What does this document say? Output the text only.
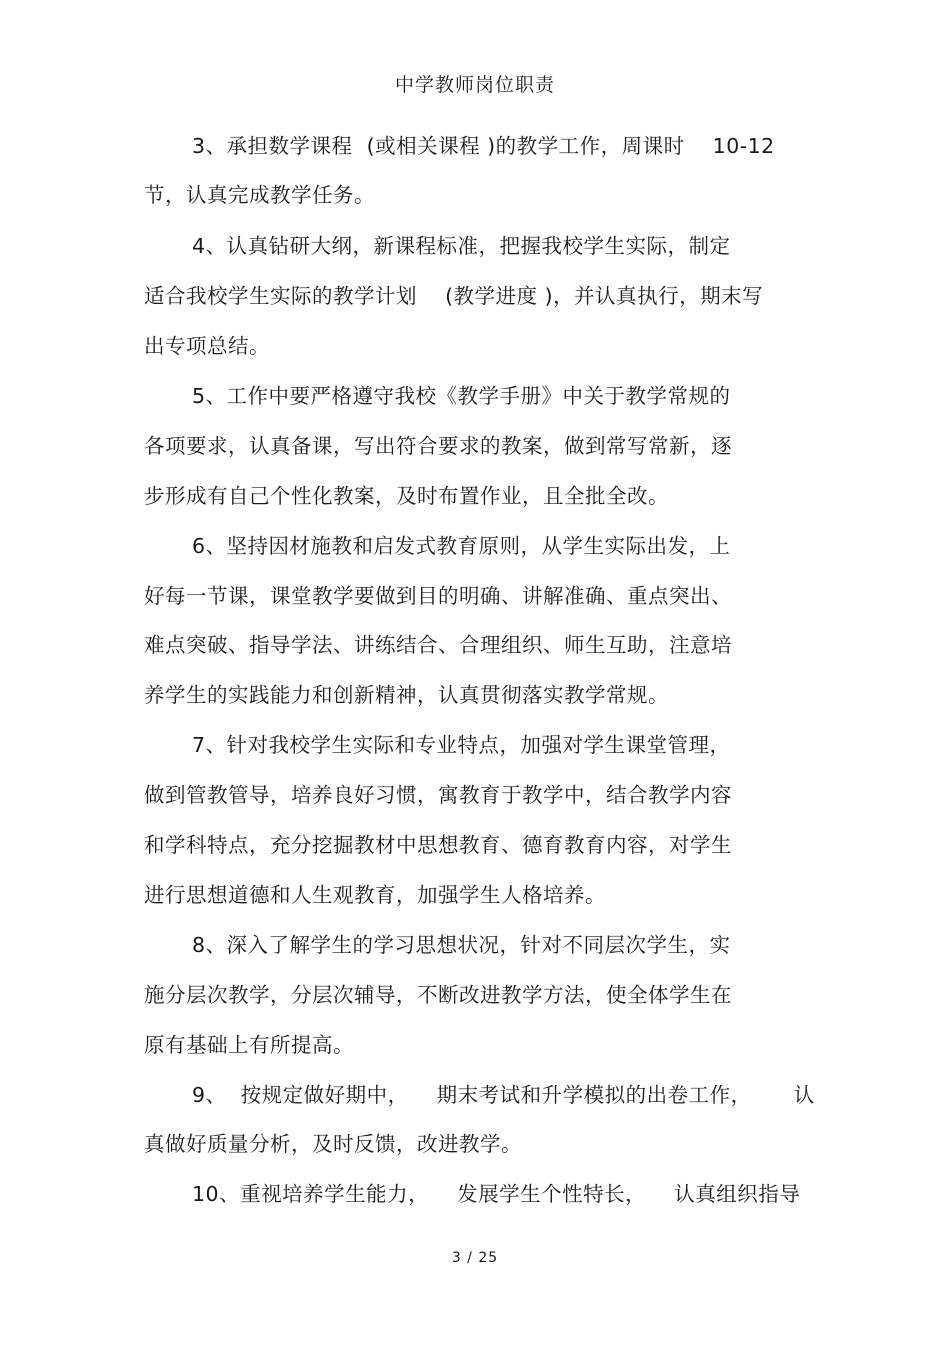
中学教师岗位职责
3、承担数学课程  (或相关课程 )的教学工作，周课时    10-12
节，认真完成教学任务。
4、认真钻研大纲，新课程标准，把握我校学生实际，制定
适合我校学生实际的教学计划    (教学进度 )，并认真执行，期末写
出专项总结。
5、工作中要严格遵守我校《教学手册》中关于教学常规的
各项要求，认真备课，写出符合要求的教案，做到常写常新，逐
步形成有自己个性化教案，及时布置作业，且全批全改。
6、坚持因材施教和启发式教育原则，从学生实际出发，上
好每一节课，课堂教学要做到目的明确、讲解准确、重点突出、
难点突破、指导学法、讲练结合、合理组织、师生互助，注意培
养学生的实践能力和创新精神，认真贯彻落实教学常规。
7、针对我校学生实际和专业特点，加强对学生课堂管理，
做到管教管导，培养良好习惯，寓教育于教学中，结合教学内容
和学科特点，充分挖掘教材中思想教育、德育教育内容，对学生
进行思想道德和人生观教育，加强学生人格培养。
8、深入了解学生的学习思想状况，针对不同层次学生，实
施分层次教学，分层次辅导，不断改进教学方法，使全体学生在
原有基础上有所提高。
9、  按规定做好期中，    期末考试和升学模拟的出卷工作，      认
真做好质量分析，及时反馈，改进教学。
10、重视培养学生能力，    发展学生个性特长，    认真组织指导
3 / 25
